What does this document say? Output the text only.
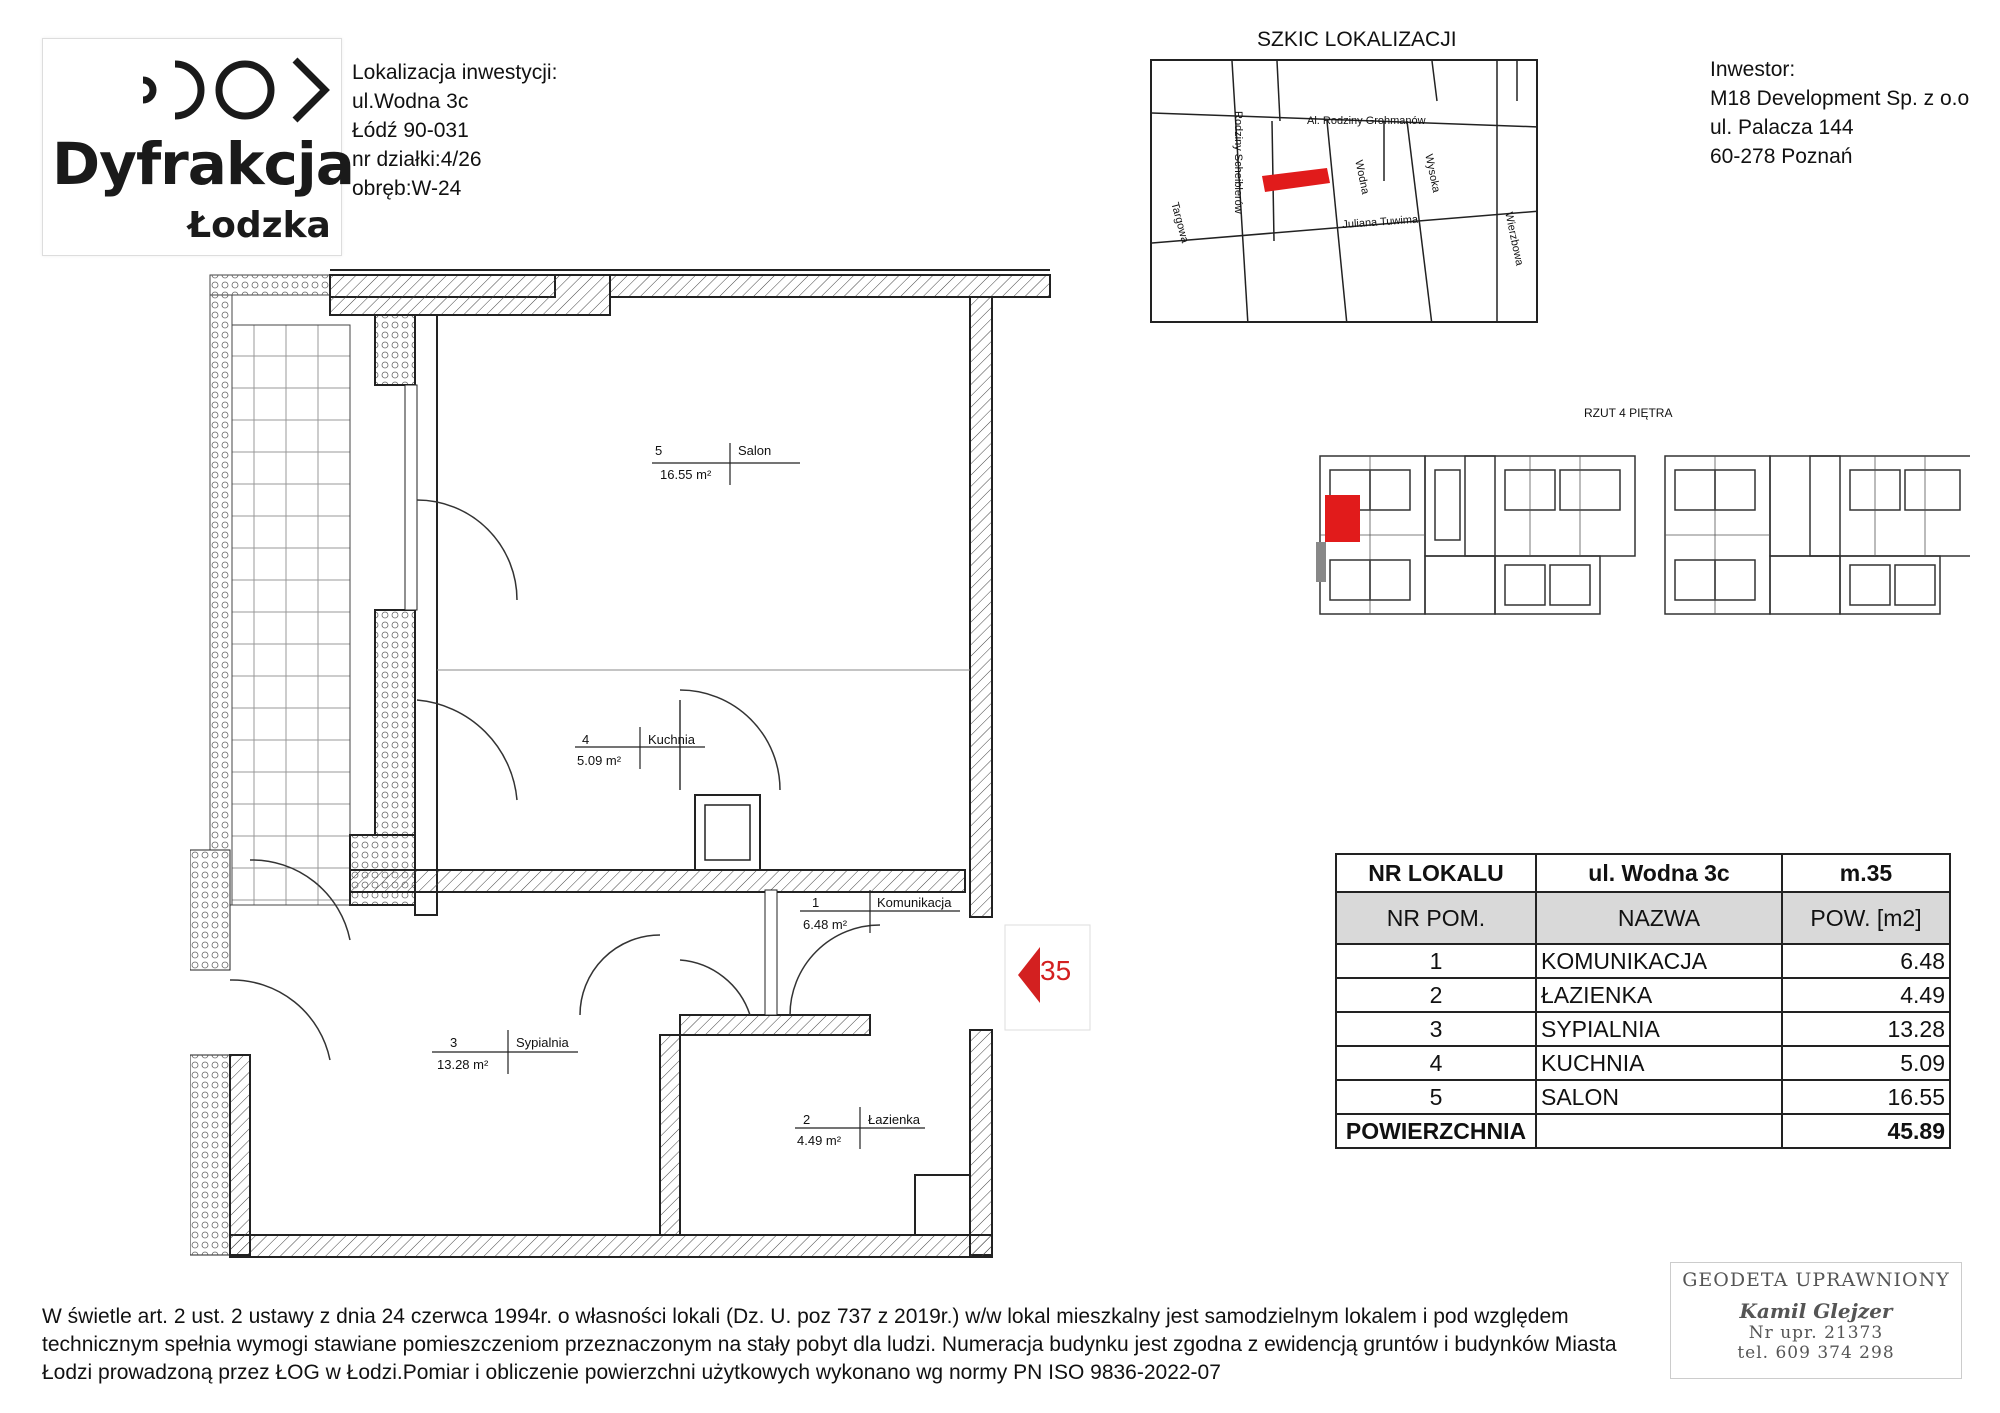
Dyfrakcja
Łodzka
Lokalizacja inwestycji:
ul.Wodna 3c
Łódź 90-031
nr działki:4/26
obręb:W-24
SZKIC LOKALIZACJI
Al. Rodziny Grohmanów
Rodziny Scheiblerów
Targowa
Wodna	Wysoka
Juliana Tuwima	Wierzbowa
Inwestor:
M18 Development Sp. z o.o
ul. Palacza 144
60-278 Poznań
RZUT 4 PIĘTRA
5	Salon
16.55 m²
4	Kuchnia
5.09 m²
1	Komunikacja
6.48 m²
3	Sypialnia
13.28 m²
2	Łazienka
4.49 m²
35
NR LOKALU	ul. Wodna 3c	m.35
NR POM.	NAZWA	POW. [m2]
1	KOMUNIKACJA	6.48
2	ŁAZIENKA	4.49
3	SYPIALNIA	13.28
4	KUCHNIA	5.09
5	SALON	16.55
POWIERZCHNIA		45.89
W świetle art. 2 ust. 2 ustawy z dnia 24 czerwca 1994r. o własności lokali (Dz. U. poz 737 z 2019r.) w/w lokal mieszkalny jest samodzielnym lokalem i pod względem
technicznym spełnia wymogi stawiane pomieszczeniom przeznaczonym na stały pobyt dla ludzi. Numeracja budynku jest zgodna z ewidencją gruntów i budynków Miasta
Łodzi prowadzoną przez ŁOG w Łodzi.Pomiar i obliczenie powierzchni użytkowych wykonano wg normy PN ISO 9836-2022-07
GEODETA UPRAWNIONY
Kamil Glejzer
Nr upr. 21373
tel. 609 374 298
